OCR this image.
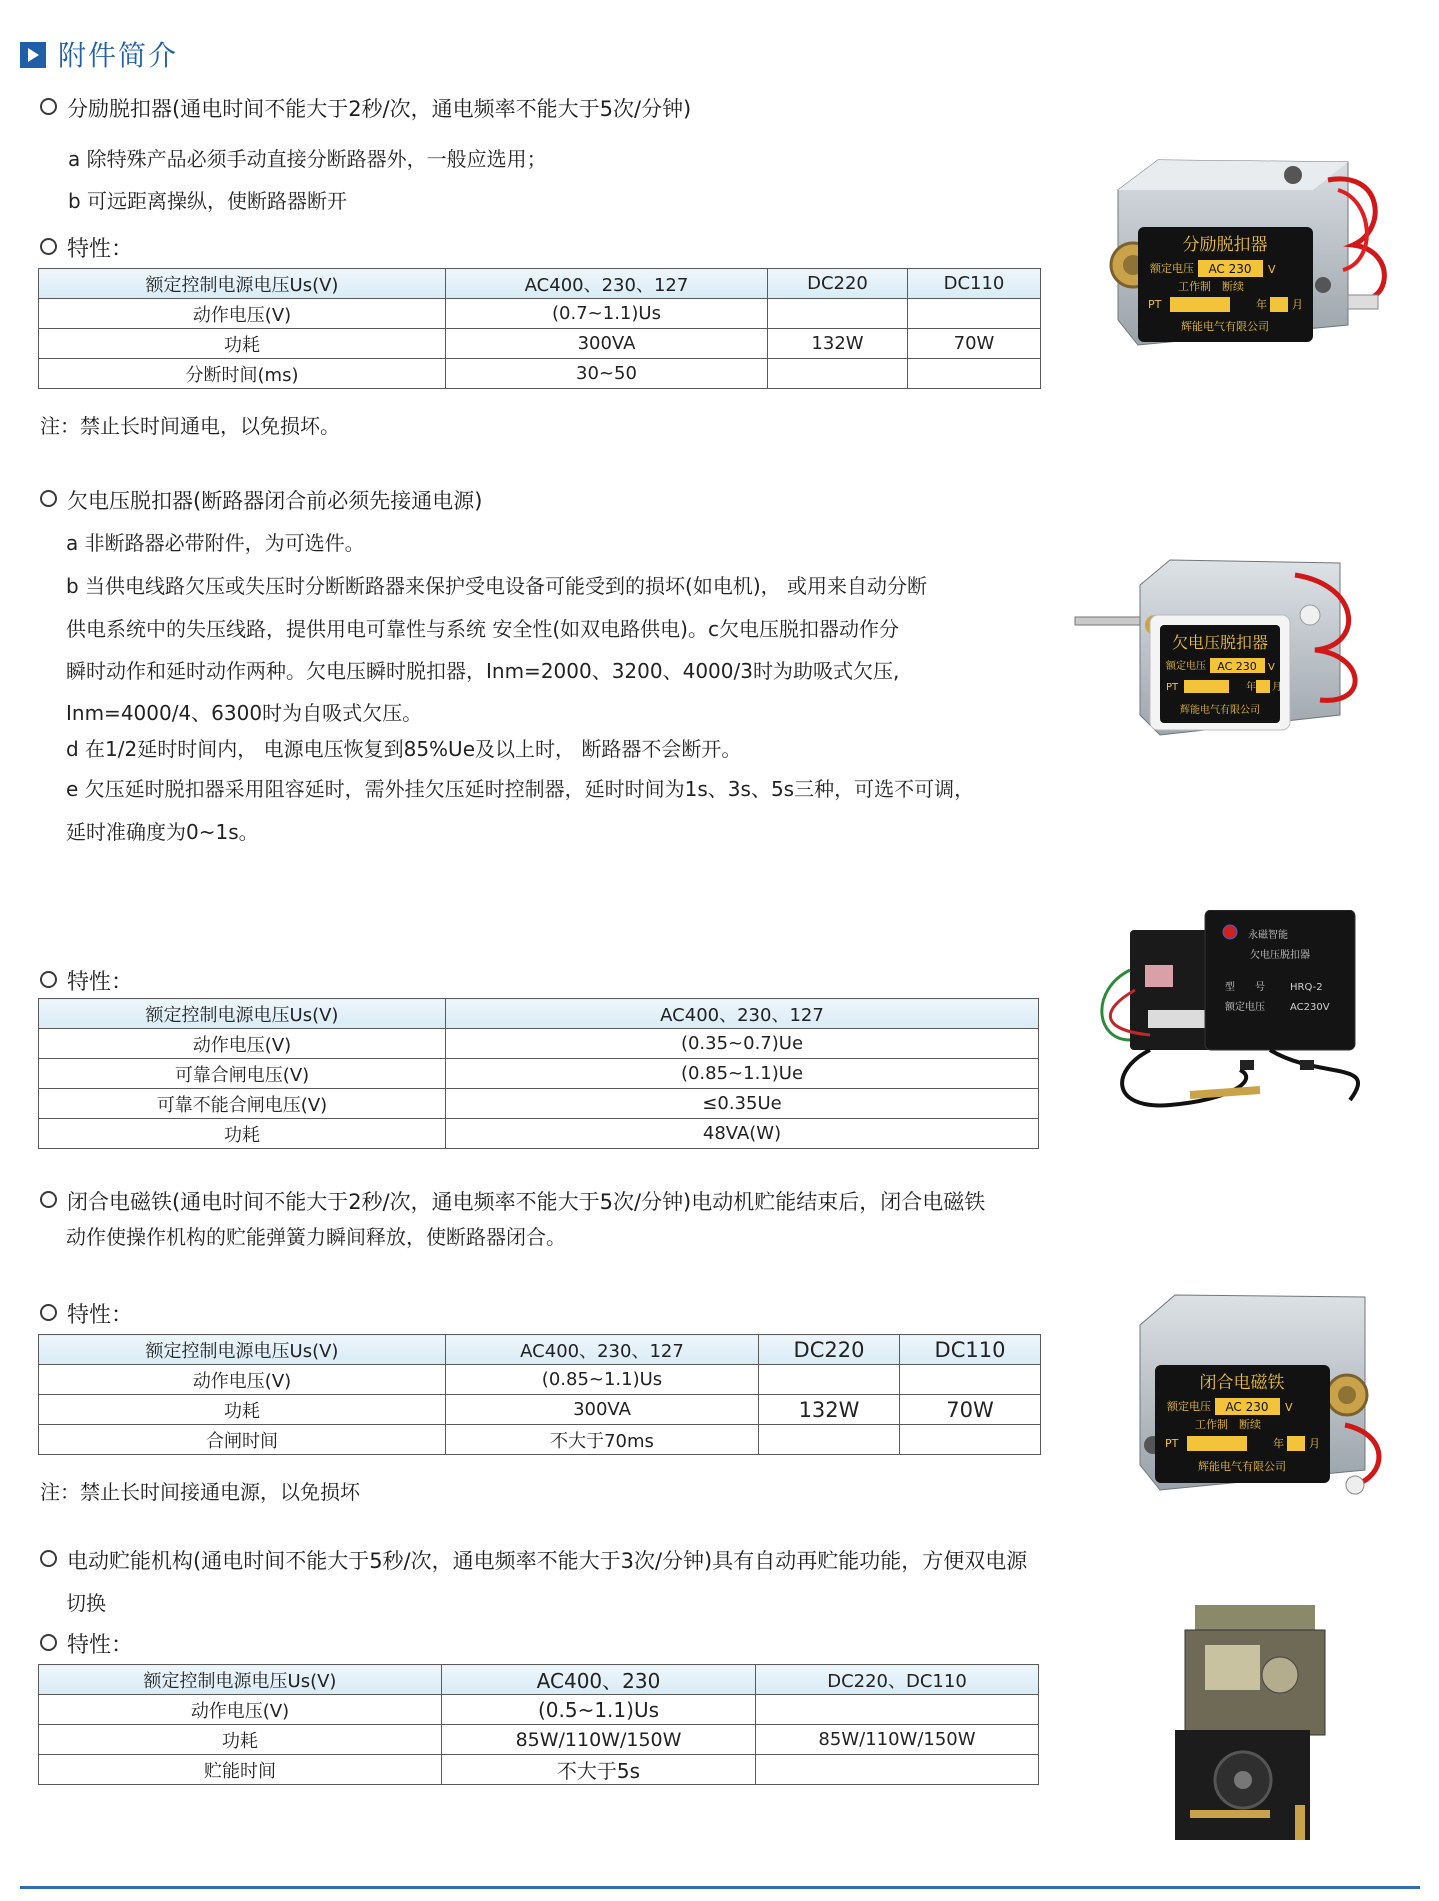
附件简介
分励脱扣器(通电时间不能大于2秒/次，通电频率不能大于5次/分钟)
a 除特殊产品必须手动直接分断路器外，一般应选用；
b 可远距离操纵，使断路器断开
特性：
额定控制电源电压Us(V)	AC400、230、127	DC220	DC110
动作电压(V)	(0.7~1.1)Us		
功耗	300VA	132W	70W
分断时间(ms)	30~50		
注：禁止长时间通电，以免损坏。
分励脱扣器
额定电压 AC 230 V
工作制　断续
PT	年 月
辉能电气有限公司
欠电压脱扣器(断路器闭合前必须先接通电源)
a 非断路器必带附件，为可选件。
b 当供电线路欠压或失压时分断断路器来保护受电设备可能受到的损坏(如电机)， 或用来自动分断
供电系统中的失压线路，提供用电可靠性与系统 安全性(如双电路供电)。c欠电压脱扣器动作分
瞬时动作和延时动作两种。欠电压瞬时脱扣器，Inm=2000、3200、4000/3时为助吸式欠压,
Inm=4000/4、6300时为自吸式欠压。
d 在1/2延时时间内， 电源电压恢复到85%Ue及以上时， 断路器不会断开。
e 欠压延时脱扣器采用阻容延时，需外挂欠压延时控制器，延时时间为1s、3s、5s三种，可选不可调，
延时准确度为0~1s。
欠电压脱扣器
额定电压 AC 230 V
PT	年 月
辉能电气有限公司
特性：
额定控制电源电压Us(V)	AC400、230、127
动作电压(V)	(0.35~0.7)Ue
可靠合闸电压(V)	(0.85~1.1)Ue
可靠不能合闸电压(V)	≤0.35Ue
功耗	48VA(W)
永磁智能
欠电压脱扣器
型　　号	HRQ-2
额定电压	AC230V
闭合电磁铁(通电时间不能大于2秒/次，通电频率不能大于5次/分钟)电动机贮能结束后，闭合电磁铁
动作使操作机构的贮能弹簧力瞬间释放，使断路器闭合。
特性：
额定控制电源电压Us(V)	AC400、230、127	DC220	DC110
动作电压(V)	(0.85~1.1)Us		
功耗	300VA	132W	70W
合闸时间	不大于70ms		
注：禁止长时间接通电源，以免损坏
闭合电磁铁
额定电压 AC 230 V
工作制　断续
PT	年 月
辉能电气有限公司
电动贮能机构(通电时间不能大于5秒/次，通电频率不能大于3次/分钟)具有自动再贮能功能，方便双电源
切换
特性：
额定控制电源电压Us(V)	AC400、230	DC220、DC110
动作电压(V)	(0.5~1.1)Us	
功耗	85W/110W/150W	85W/110W/150W
贮能时间	不大于5s	
